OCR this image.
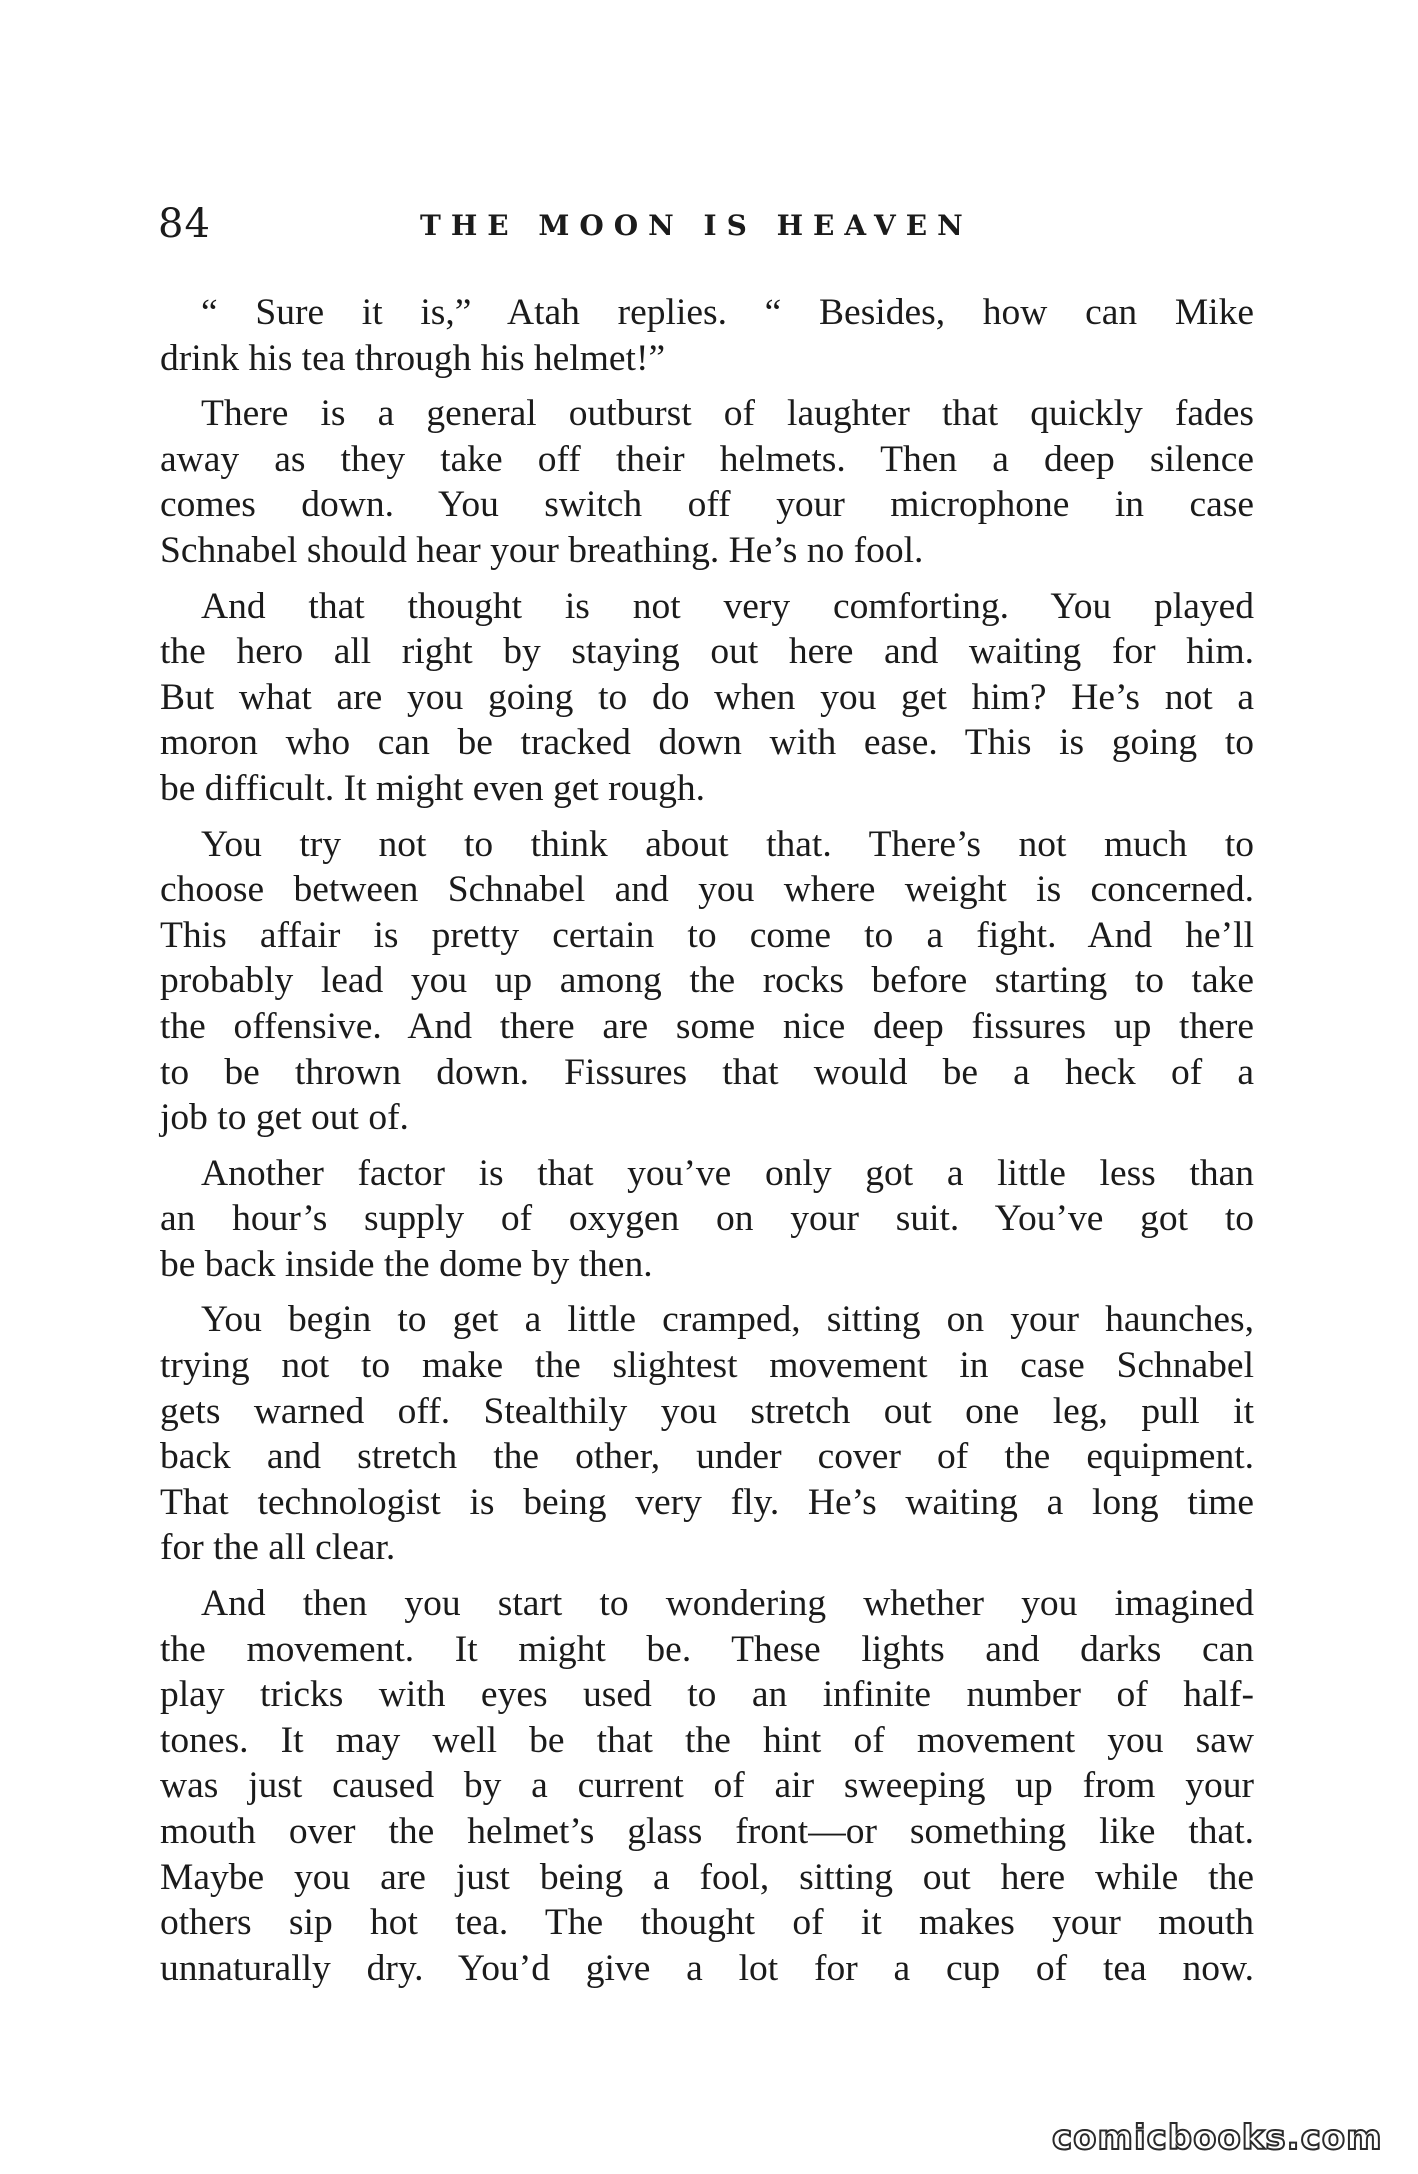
84	THE MOON IS HEAVEN
“ Sure it is,” Atah replies. “ Besides, how can Mike
drink his tea through his helmet!”
There is a general outburst of laughter that quickly fades
away as they take off their helmets. Then a deep silence
comes down. You switch off your microphone in case
Schnabel should hear your breathing. He’s no fool.
And that thought is not very comforting. You played
the hero all right by staying out here and waiting for him.
But what are you going to do when you get him? He’s not a
moron who can be tracked down with ease. This is going to
be difficult. It might even get rough.
You try not to think about that. There’s not much to
choose between Schnabel and you where weight is concerned.
This affair is pretty certain to come to a fight. And he’ll
probably lead you up among the rocks before starting to take
the offensive. And there are some nice deep fissures up there
to be thrown down. Fissures that would be a heck of a
job to get out of.
Another factor is that you’ve only got a little less than
an hour’s supply of oxygen on your suit. You’ve got to
be back inside the dome by then.
You begin to get a little cramped, sitting on your haunches,
trying not to make the slightest movement in case Schnabel
gets warned off. Stealthily you stretch out one leg, pull it
back and stretch the other, under cover of the equipment.
That technologist is being very fly. He’s waiting a long time
for the all clear.
And then you start to wondering whether you imagined
the movement. It might be. These lights and darks can
play tricks with eyes used to an infinite number of half-
tones. It may well be that the hint of movement you saw
was just caused by a current of air sweeping up from your
mouth over the helmet’s glass front—or something like that.
Maybe you are just being a fool, sitting out here while the
others sip hot tea. The thought of it makes your mouth
unnaturally dry. You’d give a lot for a cup of tea now.
comicbooks.com
